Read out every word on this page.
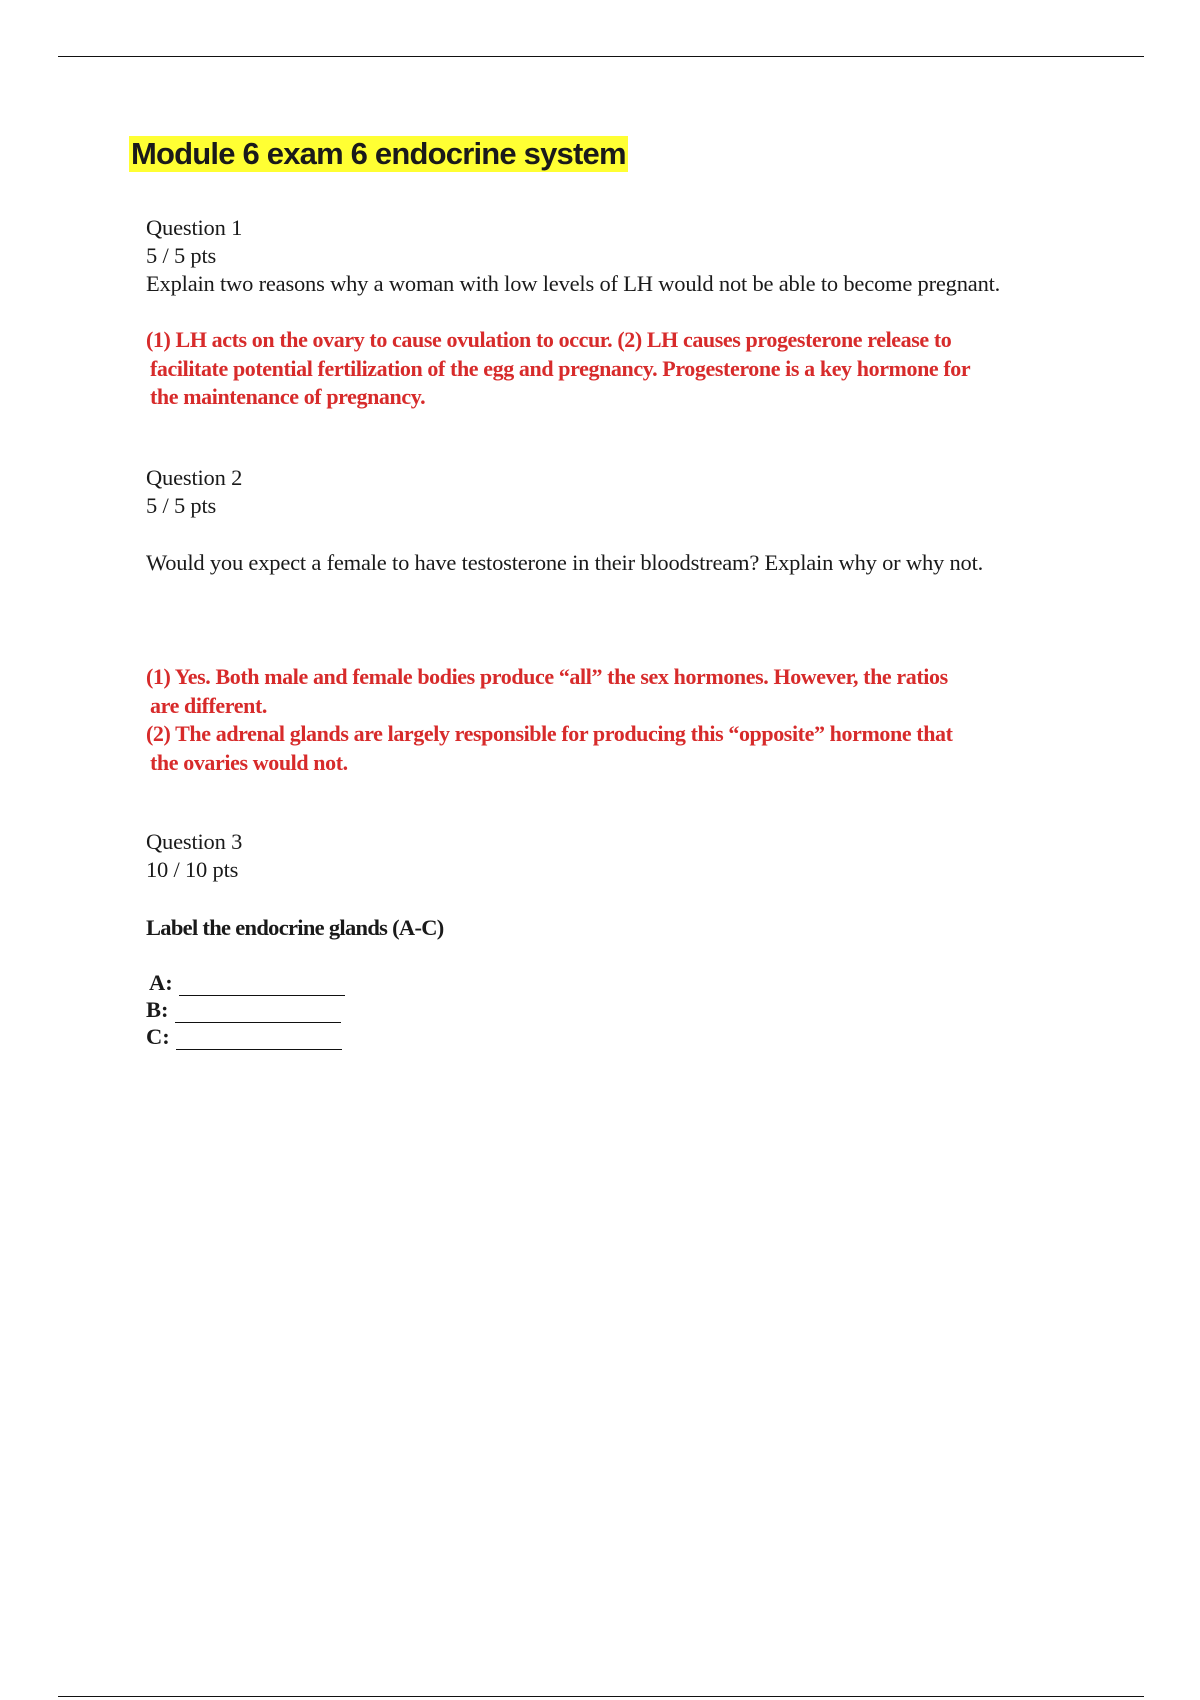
Module 6 exam 6 endocrine system
Question 1
5 / 5 pts
Explain two reasons why a woman with low levels of LH would not be able to become pregnant.
(1) LH acts on the ovary to cause ovulation to occur. (2) LH causes progesterone release to
facilitate potential fertilization of the egg and pregnancy. Progesterone is a key hormone for
the maintenance of pregnancy.
Question 2
5 / 5 pts
Would you expect a female to have testosterone in their bloodstream? Explain why or why not.
(1) Yes. Both male and female bodies produce “all” the sex hormones. However, the ratios
are different.
(2) The adrenal glands are largely responsible for producing this “opposite” hormone that
the ovaries would not.
Question 3
10 / 10 pts
Label the endocrine glands (A-C)
A:
B:
C:
